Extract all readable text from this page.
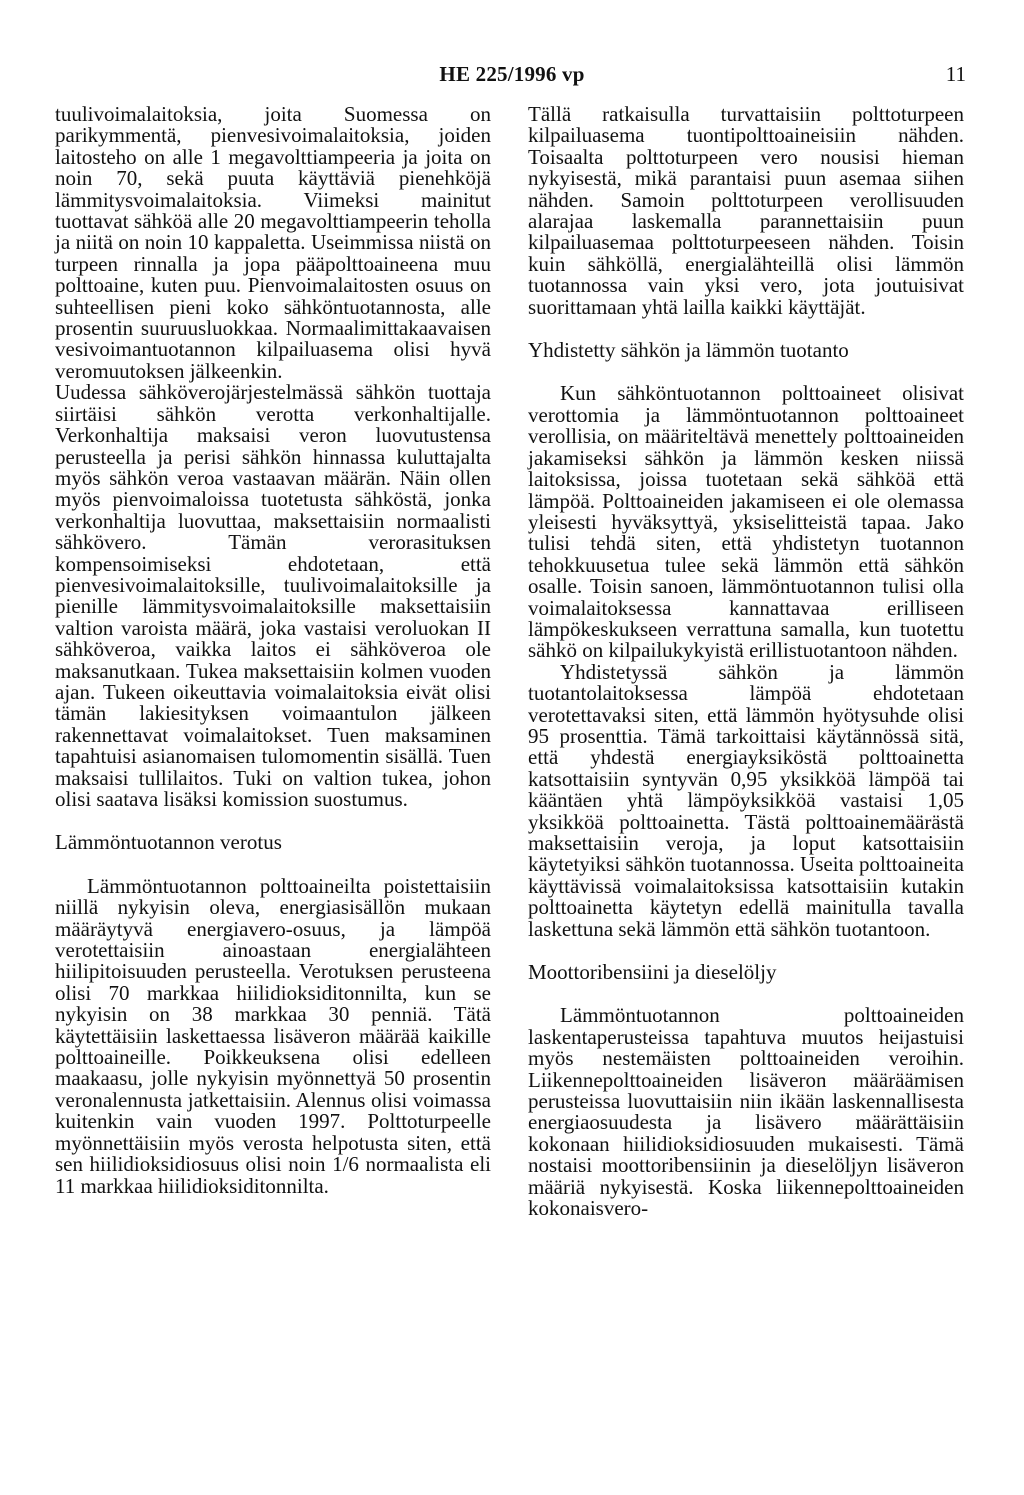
HE 225/1996 vp	11

tuulivoimalaitoksia, joita Suomessa on parikymmentä, pienvesivoimalaitoksia, joiden laitosteho on alle 1 megavolttiampeeria ja joita on noin 70, sekä puuta käyttäviä pienehköjä lämmitysvoimalaitoksia. Viimeksi mainitut tuottavat sähköä alle 20 megavolttiampeerin teholla ja niitä on noin 10 kappaletta. Useimmissa niistä on turpeen rinnalla ja jopa pääpolttoaineena muu polttoaine, kuten puu. Pienvoimalaitosten osuus on suhteellisen pieni koko sähköntuotannosta, alle prosentin suuruusluokkaa. Normaalimittakaavaisen vesivoimantuotannon kilpailuasema olisi hyvä veromuutoksen jälkeenkin.

Uudessa sähköverojärjestelmässä sähkön tuottaja siirtäisi sähkön verotta verkonhaltijalle. Verkonhaltija maksaisi veron luovutustensa perusteella ja perisi sähkön hinnassa kuluttajalta myös sähkön veroa vastaavan määrän. Näin ollen myös pienvoimaloissa tuotetusta sähköstä, jonka verkonhaltija luovuttaa, maksettaisiin normaalisti sähkövero. Tämän verorasituksen kompensoimiseksi ehdotetaan, että pienvesivoimalaitoksille, tuulivoimalaitoksille ja pienille lämmitysvoimalaitoksille maksettaisiin valtion varoista määrä, joka vastaisi veroluokan II sähköveroa, vaikka laitos ei sähköveroa ole maksanutkaan. Tukea maksettaisiin kolmen vuoden ajan. Tukeen oikeuttavia voimalaitoksia eivät olisi tämän lakiesityksen voimaantulon jälkeen rakennettavat voimalaitokset. Tuen maksaminen tapahtuisi asianomaisen tulomomentin sisällä. Tuen maksaisi tullilaitos. Tuki on valtion tukea, johon olisi saatava lisäksi komission suostumus.

Lämmöntuotannon verotus

Lämmöntuotannon polttoaineilta poistettaisiin niillä nykyisin oleva, energiasisällön mukaan määräytyvä energiavero-osuus, ja lämpöä verotettaisiin ainoastaan energialähteen hiilipitoisuuden perusteella. Verotuksen perusteena olisi 70 markkaa hiilidioksiditonnilta, kun se nykyisin on 38 markkaa 30 penniä. Tätä käytettäisiin laskettaessa lisäveron määrää kaikille polttoaineille. Poikkeuksena olisi edelleen maakaasu, jolle nykyisin myönnettyä 50 prosentin veronalennusta jatkettaisiin. Alennus olisi voimassa kuitenkin vain vuoden 1997. Polttoturpeelle myönnettäisiin myös verosta helpotusta siten, että sen hiilidioksidiosuus olisi noin 1/6 normaalista eli 11 markkaa hiilidioksiditonnilta.

Tällä ratkaisulla turvattaisiin polttoturpeen kilpailuasema tuontipolttoaineisiin nähden. Toisaalta polttoturpeen vero nousisi hieman nykyisestä, mikä parantaisi puun asemaa siihen nähden. Samoin polttoturpeen verollisuuden alarajaa laskemalla parannettaisiin puun kilpailuasemaa polttoturpeeseen nähden. Toisin kuin sähköllä, energialähteillä olisi lämmön tuotannossa vain yksi vero, jota joutuisivat suorittamaan yhtä lailla kaikki käyttäjät.

Yhdistetty sähkön ja lämmön tuotanto

Kun sähköntuotannon polttoaineet olisivat verottomia ja lämmöntuotannon polttoaineet verollisia, on määriteltävä menettely polttoaineiden jakamiseksi sähkön ja lämmön kesken niissä laitoksissa, joissa tuotetaan sekä sähköä että lämpöä. Polttoaineiden jakamiseen ei ole olemassa yleisesti hyväksyttyä, yksiselitteistä tapaa. Jako tulisi tehdä siten, että yhdistetyn tuotannon tehokkuusetua tulee sekä lämmön että sähkön osalle. Toisin sanoen, lämmöntuotannon tulisi olla voimalaitoksessa kannattavaa erilliseen lämpökeskukseen verrattuna samalla, kun tuotettu sähkö on kilpailukykyistä erillistuotantoon nähden.

Yhdistetyssä sähkön ja lämmön tuotantolaitoksessa lämpöä ehdotetaan verotettavaksi siten, että lämmön hyötysuhde olisi 95 prosenttia. Tämä tarkoittaisi käytännössä sitä, että yhdestä energiayksiköstä polttoainetta katsottaisiin syntyvän 0,95 yksikköä lämpöä tai kääntäen yhtä lämpöyksikköä vastaisi 1,05 yksikköä polttoainetta. Tästä polttoainemäärästä maksettaisiin veroja, ja loput katsottaisiin käytetyiksi sähkön tuotannossa. Useita polttoaineita käyttävissä voimalaitoksissa katsottaisiin kutakin polttoainetta käytetyn edellä mainitulla tavalla laskettuna sekä lämmön että sähkön tuotantoon.

Moottoribensiini ja dieselöljy

Lämmöntuotannon polttoaineiden laskentaperusteissa tapahtuva muutos heijastuisi myös nestemäisten polttoaineiden veroihin. Liikennepolttoaineiden lisäveron määräämisen perusteissa luovuttaisiin niin ikään laskennallisesta energiaosuudesta ja lisävero määrättäisiin kokonaan hiilidioksidiosuuden mukaisesti. Tämä nostaisi moottoribensiinin ja dieselöljyn lisäveron määriä nykyisestä. Koska liikennepolttoaineiden kokonaisvero-
